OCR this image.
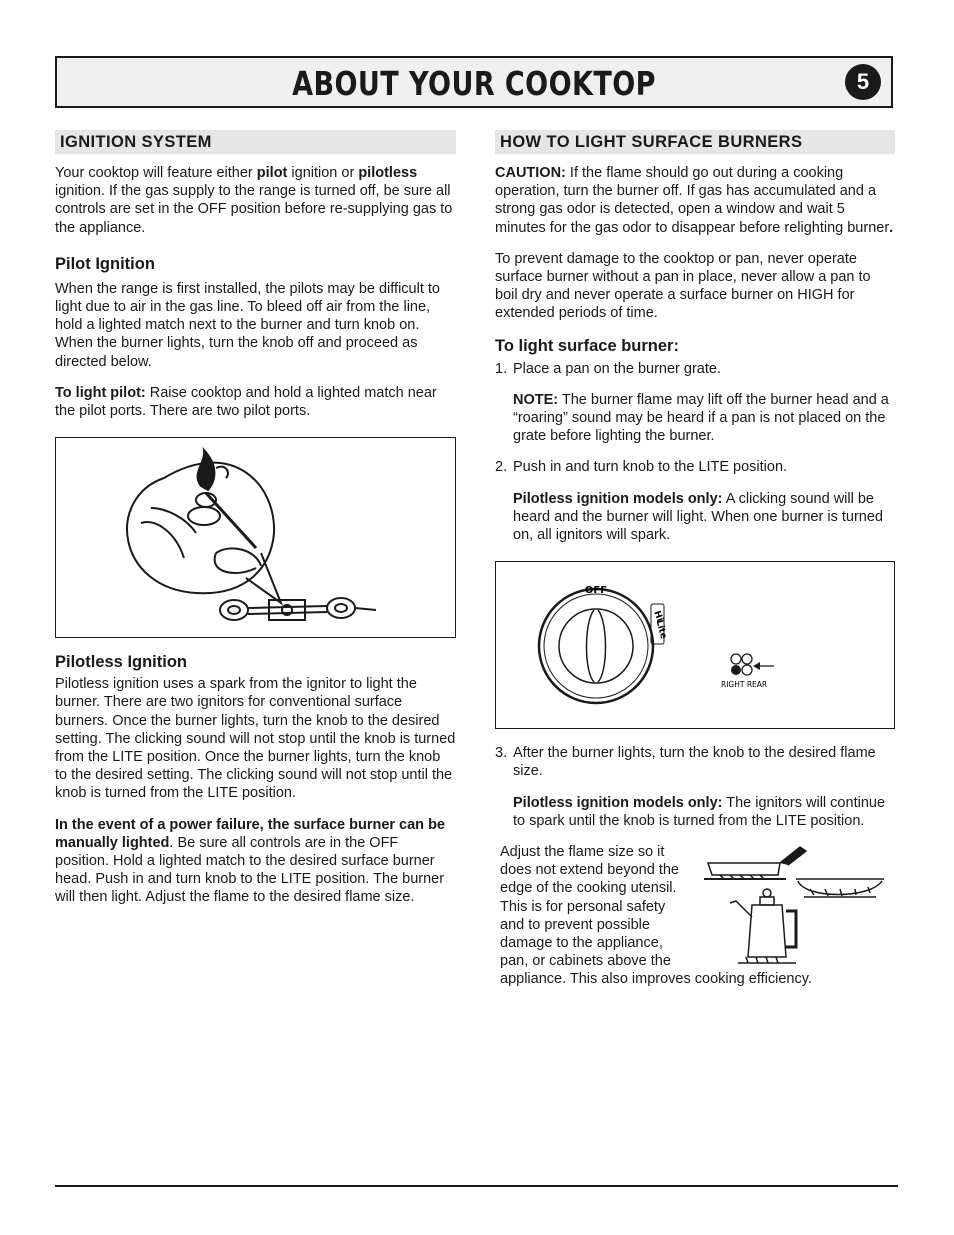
ABOUT YOUR COOKTOP	5
IGNITION SYSTEM

Your cooktop will feature either pilot ignition or pilotless ignition. If the gas supply to the range is turned off, be sure all controls are set in the OFF position before re-supplying gas to the appliance.

Pilot Ignition

When the range is first installed, the pilots may be difficult to light due to air in the gas line. To bleed off air from the line, hold a lighted match next to the burner and turn knob on. When the burner lights, turn the knob off and proceed as directed below.

To light pilot: Raise cooktop and hold a lighted match near the pilot ports. There are two pilot ports.

Pilotless Ignition

Pilotless ignition uses a spark from the ignitor to light the burner. There are two ignitors for conventional surface burners. Once the burner lights, turn the knob to the desired setting. The clicking sound will not stop until the knob is turned from the LITE position. Once the burner lights, turn the knob to the desired setting. The clicking sound will not stop until the knob is turned from the LITE position.

In the event of a power failure, the surface burner can be manually lighted. Be sure all controls are in the OFF position. Hold a lighted match to the desired surface burner head. Push in and turn knob to the LITE position. The burner will then light. Adjust the flame to the desired flame size.

HOW TO LIGHT SURFACE BURNERS

CAUTION: If the flame should go out during a cooking operation, turn the burner off. If gas has accumulated and a strong gas odor is detected, open a window and wait 5 minutes for the gas odor to disappear before relighting burner.

To prevent damage to the cooktop or pan, never operate surface burner without a pan in place, never allow a pan to boil dry and never operate a surface burner on HIGH for extended periods of time.

To light surface burner:

1. Place a pan on the burner grate.

NOTE: The burner flame may lift off the burner head and a “roaring” sound may be heard if a pan is not placed on the grate before lighting the burner.

2. Push in and turn knob to the LITE position.

Pilotless ignition models only: A clicking sound will be heard and the burner will light. When one burner is turned on, all ignitors will spark.

OFF
Hi
Lite
RIGHT REAR

3. After the burner lights, turn the knob to the desired flame size.

Pilotless ignition models only: The ignitors will continue to spark until the knob is turned from the LITE position.

Adjust the flame size so it does not extend beyond the edge of the cooking utensil. This is for personal safety and to prevent possible damage to the appliance, pan, or cabinets above the

appliance. This also improves cooking efficiency.
